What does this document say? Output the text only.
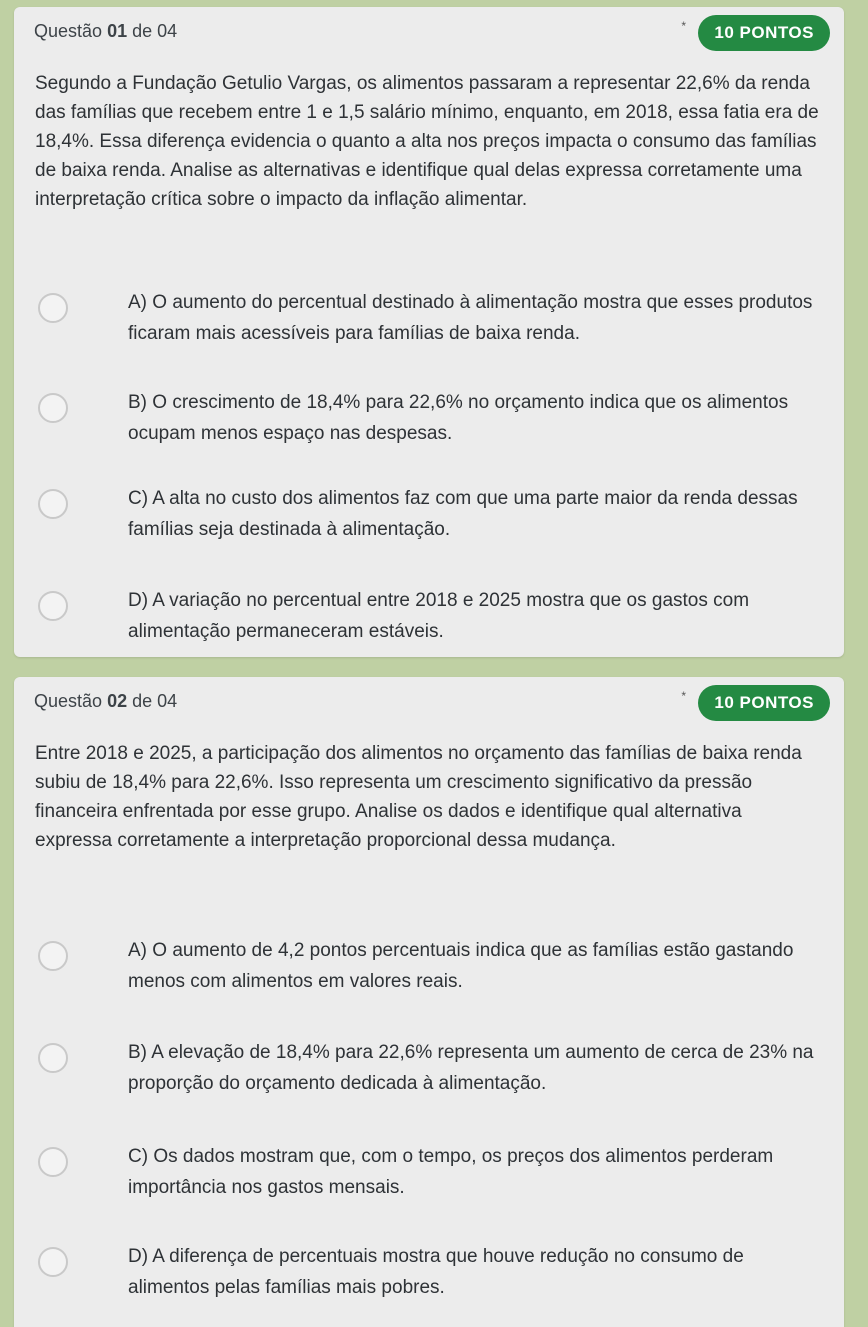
Questão 01 de 04	*	10 PONTOS
Segundo a Fundação Getulio Vargas, os alimentos passaram a representar 22,6% da renda das famílias que recebem entre 1 e 1,5 salário mínimo, enquanto, em 2018, essa fatia era de 18,4%. Essa diferença evidencia o quanto a alta nos preços impacta o consumo das famílias de baixa renda. Analise as alternativas e identifique qual delas expressa corretamente uma interpretação crítica sobre o impacto da inflação alimentar.
A) O aumento do percentual destinado à alimentação mostra que esses produtos ficaram mais acessíveis para famílias de baixa renda.
B) O crescimento de 18,4% para 22,6% no orçamento indica que os alimentos ocupam menos espaço nas despesas.
C) A alta no custo dos alimentos faz com que uma parte maior da renda dessas famílias seja destinada à alimentação.
D) A variação no percentual entre 2018 e 2025 mostra que os gastos com alimentação permaneceram estáveis.
Questão 02 de 04	*	10 PONTOS
Entre 2018 e 2025, a participação dos alimentos no orçamento das famílias de baixa renda subiu de 18,4% para 22,6%. Isso representa um crescimento significativo da pressão financeira enfrentada por esse grupo. Analise os dados e identifique qual alternativa expressa corretamente a interpretação proporcional dessa mudança.
A) O aumento de 4,2 pontos percentuais indica que as famílias estão gastando menos com alimentos em valores reais.
B) A elevação de 18,4% para 22,6% representa um aumento de cerca de 23% na proporção do orçamento dedicada à alimentação.
C) Os dados mostram que, com o tempo, os preços dos alimentos perderam importância nos gastos mensais.
D) A diferença de percentuais mostra que houve redução no consumo de alimentos pelas famílias mais pobres.
